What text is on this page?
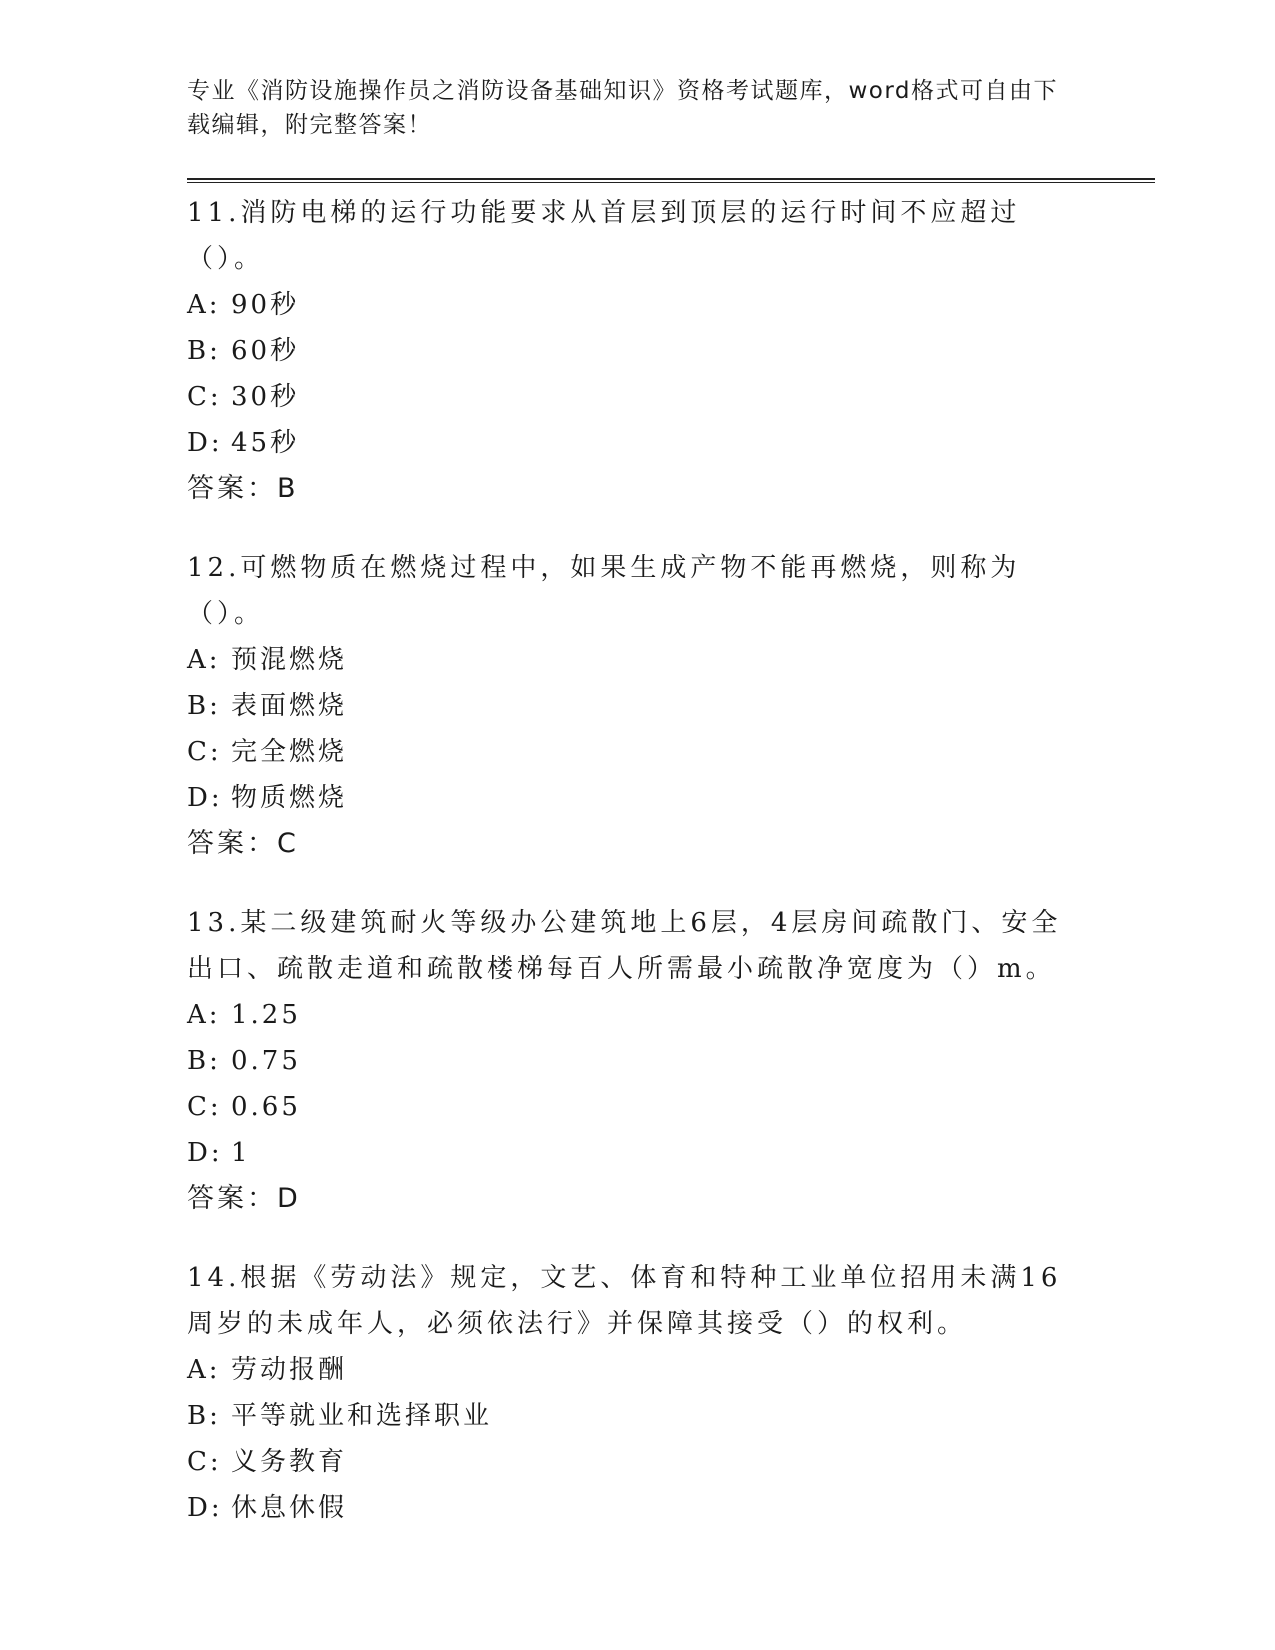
专业《消防设施操作员之消防设备基础知识》资格考试题库，word格式可自由下载编辑，附完整答案！

11.消防电梯的运行功能要求从首层到顶层的运行时间不应超过（）。

A: 90秒

B: 60秒

C: 30秒

D: 45秒

答案：B

12.可燃物质在燃烧过程中，如果生成产物不能再燃烧，则称为（）。

A: 预混燃烧

B: 表面燃烧

C: 完全燃烧

D: 物质燃烧

答案：C

13.某二级建筑耐火等级办公建筑地上6层，4层房间疏散门、安全出口、疏散走道和疏散楼梯每百人所需最小疏散净宽度为（）m。

A: 1.25

B: 0.75

C: 0.65

D: 1

答案：D

14.根据《劳动法》规定，文艺、体育和特种工业单位招用未满16周岁的未成年人，必须依法行》并保障其接受（）的权利。

A: 劳动报酬

B: 平等就业和选择职业

C: 义务教育

D: 休息休假
